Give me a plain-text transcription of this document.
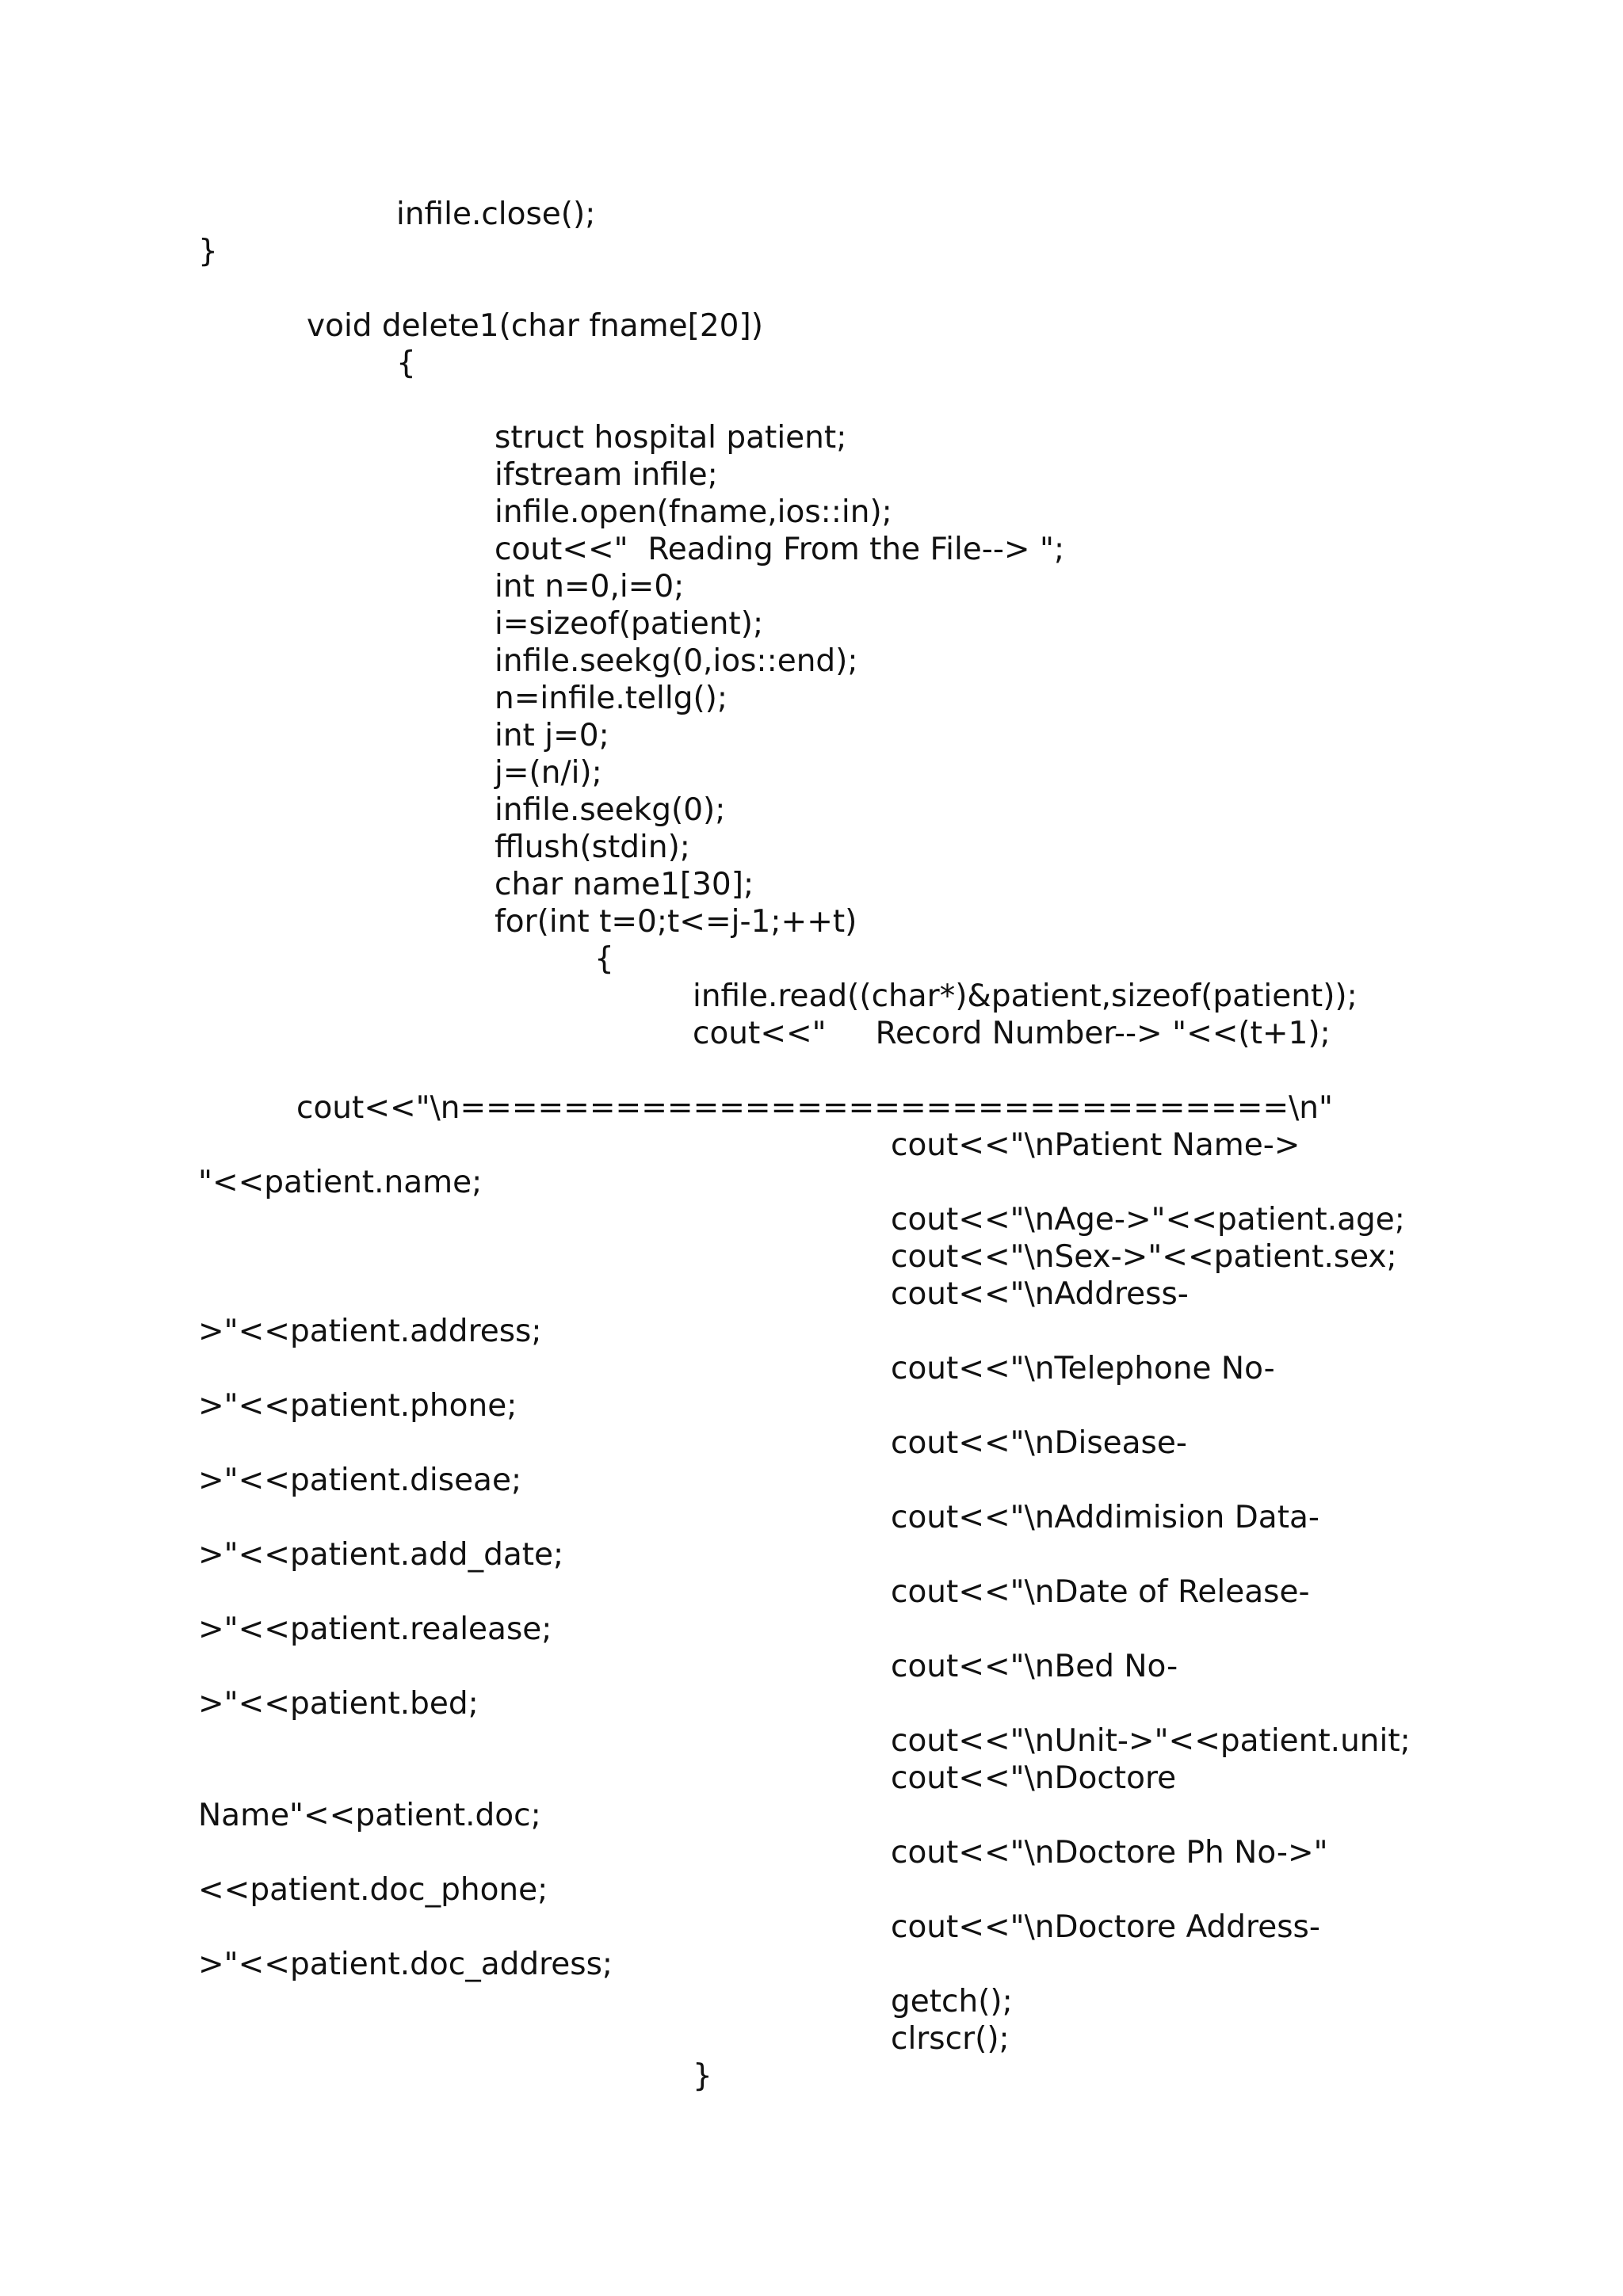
infile.close();

}

void delete1(char fname[20])

{

struct hospital patient;

ifstream infile;

infile.open(fname,ios::in);

cout<<"  Reading From the File--> ";

int n=0,i=0;

i=sizeof(patient);

infile.seekg(0,ios::end);

n=infile.tellg();

int j=0;

j=(n/i);

infile.seekg(0);

fflush(stdin);

char name1[30];

for(int t=0;t<=j-1;++t)

{

infile.read((char*)&patient,sizeof(patient));

cout<<"     Record Number--> "<<(t+1);

cout<<"\n================================\n"

cout<<"\nPatient Name->

"<<patient.name;

cout<<"\nAge->"<<patient.age;

cout<<"\nSex->"<<patient.sex;

cout<<"\nAddress-

>"<<patient.address;

cout<<"\nTelephone No-

>"<<patient.phone;

cout<<"\nDisease-

>"<<patient.diseae;

cout<<"\nAddimision Data-

>"<<patient.add_date;

cout<<"\nDate of Release-

>"<<patient.realease;

cout<<"\nBed No-

>"<<patient.bed;

cout<<"\nUnit->"<<patient.unit;

cout<<"\nDoctore

Name"<<patient.doc;

cout<<"\nDoctore Ph No->"

<<patient.doc_phone;

cout<<"\nDoctore Address-

>"<<patient.doc_address;

getch();

clrscr();

}
